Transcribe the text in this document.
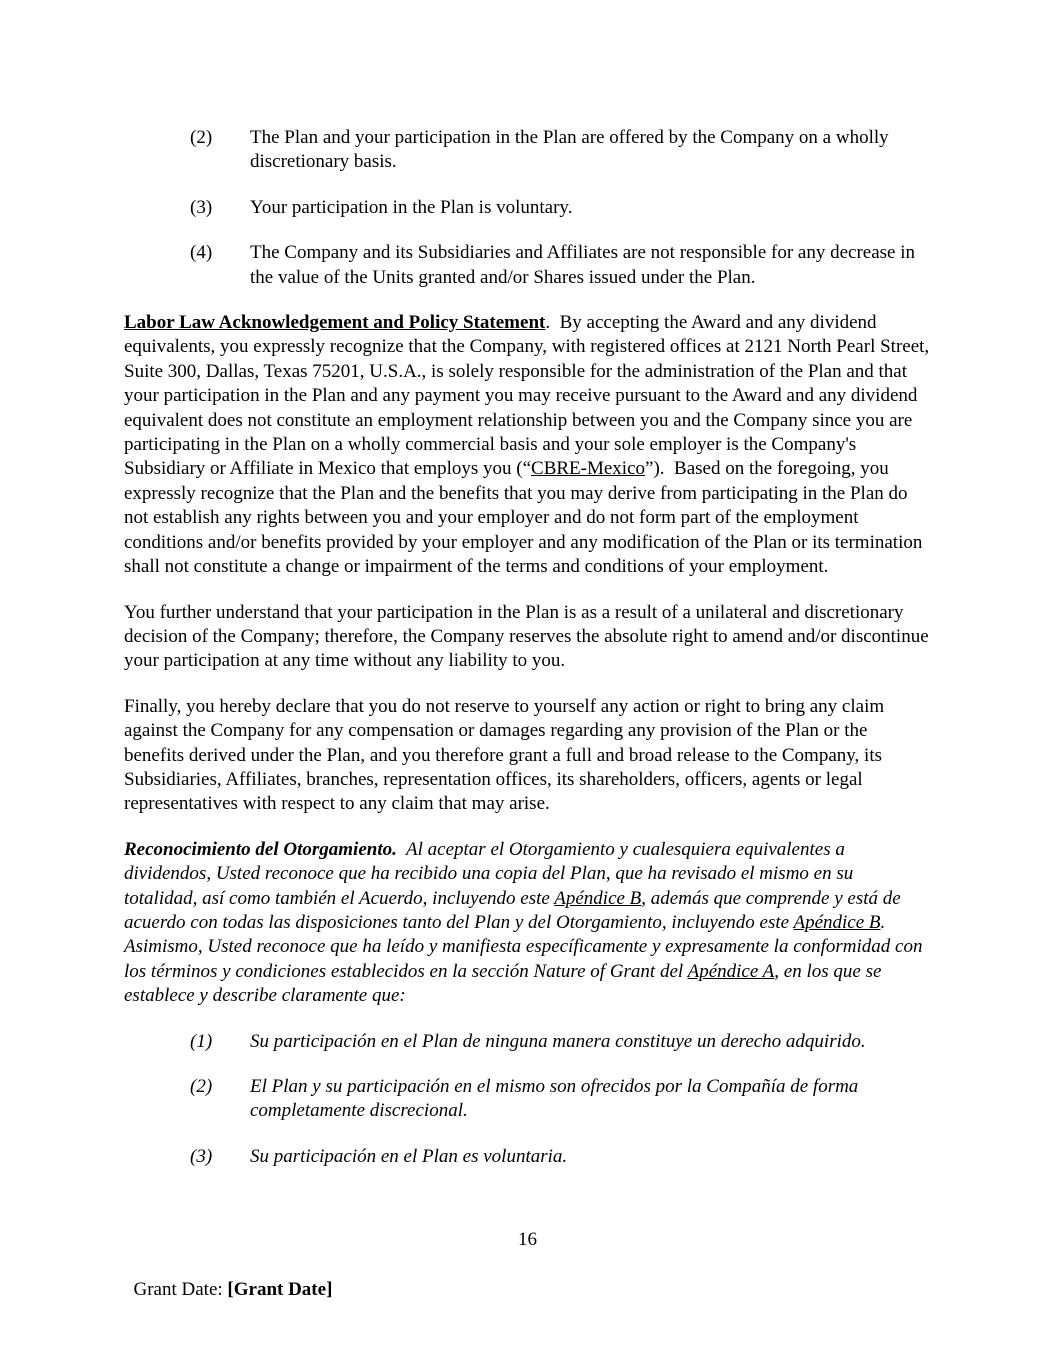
(2)	The Plan and your participation in the Plan are offered by the Company on a wholly discretionary basis.
(3)	Your participation in the Plan is voluntary.
(4)	The Company and its Subsidiaries and Affiliates are not responsible for any decrease in the value of the Units granted and/or Shares issued under the Plan.
Labor Law Acknowledgement and Policy Statement.  By accepting the Award and any dividend equivalents, you expressly recognize that the Company, with registered offices at 2121 North Pearl Street, Suite 300, Dallas, Texas 75201, U.S.A., is solely responsible for the administration of the Plan and that your participation in the Plan and any payment you may receive pursuant to the Award and any dividend equivalent does not constitute an employment relationship between you and the Company since you are participating in the Plan on a wholly commercial basis and your sole employer is the Company's Subsidiary or Affiliate in Mexico that employs you (“CBRE-Mexico”).  Based on the foregoing, you expressly recognize that the Plan and the benefits that you may derive from participating in the Plan do not establish any rights between you and your employer and do not form part of the employment conditions and/or benefits provided by your employer and any modification of the Plan or its termination shall not constitute a change or impairment of the terms and conditions of your employment.
You further understand that your participation in the Plan is as a result of a unilateral and discretionary decision of the Company; therefore, the Company reserves the absolute right to amend and/or discontinue your participation at any time without any liability to you.
Finally, you hereby declare that you do not reserve to yourself any action or right to bring any claim against the Company for any compensation or damages regarding any provision of the Plan or the benefits derived under the Plan, and you therefore grant a full and broad release to the Company, its Subsidiaries, Affiliates, branches, representation offices, its shareholders, officers, agents or legal representatives with respect to any claim that may arise.
Reconocimiento del Otorgamiento.  Al aceptar el Otorgamiento y cualesquiera equivalentes a dividendos, Usted reconoce que ha recibido una copia del Plan, que ha revisado el mismo en su totalidad, así como también el Acuerdo, incluyendo este Apéndice B, además que comprende y está de acuerdo con todas las disposiciones tanto del Plan y del Otorgamiento, incluyendo este Apéndice B.  Asimismo, Usted reconoce que ha leído y manifiesta específicamente y expresamente la conformidad con los términos y condiciones establecidos en la sección Nature of Grant del Apéndice A, en los que se establece y describe claramente que:
(1)	Su participación en el Plan de ninguna manera constituye un derecho adquirido.
(2)	El Plan y su participación en el mismo son ofrecidos por la Compañía de forma completamente discrecional.
(3)	Su participación en el Plan es voluntaria.
16

Grant Date: [Grant Date]
